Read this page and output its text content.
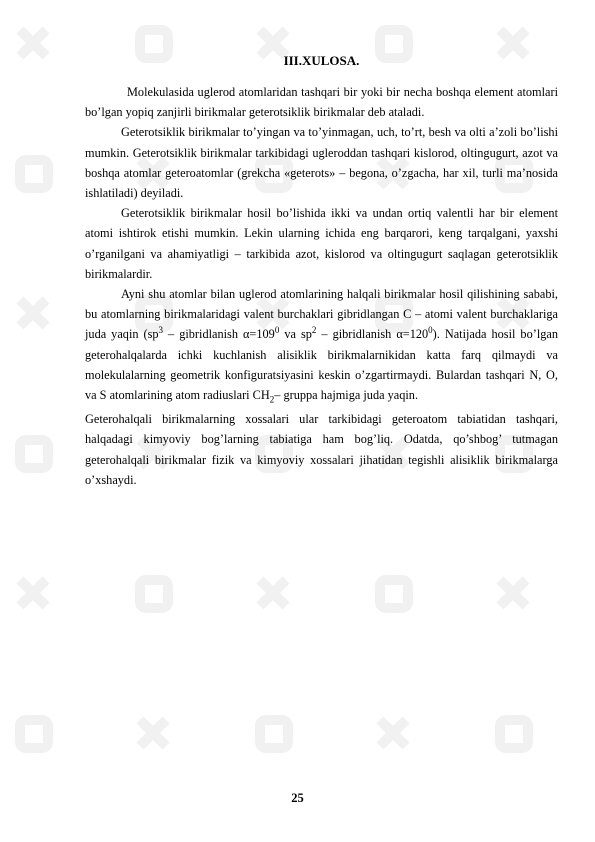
III.XULOSA.

Molekulasida uglerod atomlaridan tashqari bir yoki bir necha boshqa element atomlari bo’lgan yopiq zanjirli birikmalar geterotsiklik birikmalar deb ataladi.

Geterotsiklik birikmalar to’yingan va to’yinmagan, uch, to’rt, besh va olti a’zoli bo’lishi mumkin. Geterotsiklik birikmalar tarkibidagi ugleroddan tashqari kislorod, oltingugurt, azot va boshqa atomlar geteroatomlar (grekcha «geterots» – begona, o’zgacha, har xil, turli ma’nosida ishlatiladi) deyiladi.

Geterotsiklik birikmalar hosil bo’lishida ikki va undan ortiq valentli har bir element atomi ishtirok etishi mumkin. Lekin ularning ichida eng barqarori, keng tarqalgani, yaxshi o’rganilgani va ahamiyatligi – tarkibida azot, kislorod va oltingugurt saqlagan geterotsiklik birikmalardir.

Ayni shu atomlar bilan uglerod atomlarining halqali birikmalar hosil qilishining sababi, bu atomlarning birikmalaridagi valent burchaklari gibridlangan C – atomi valent burchaklariga juda yaqin ($sp^3$ – gibridlanish $\alpha=109^0$ va $sp^2$ – gibridlanish $\alpha=120^0$). Natijada hosil bo’lgan geterohalqalarda ichki kuchlanish alisiklik birikmalarnikidan katta farq qilmaydi va molekulalarning geometrik konfiguratsiyasini keskin o’zgartirmaydi. Bulardan tashqari N, O, va S atomlarining atom radiuslari $CH_2-$ gruppa hajmiga juda yaqin.

Geterohalqali birikmalarning xossalari ular tarkibidagi geteroatom tabiatidan tashqari, halqadagi kimyoviy bog’larning tabiatiga ham bog’liq. Odatda, qo’shbog’ tutmagan geterohalqali birikmalar fizik va kimyoviy xossalari jihatidan tegishli alisiklik birikmalarga o’xshaydi.

25
